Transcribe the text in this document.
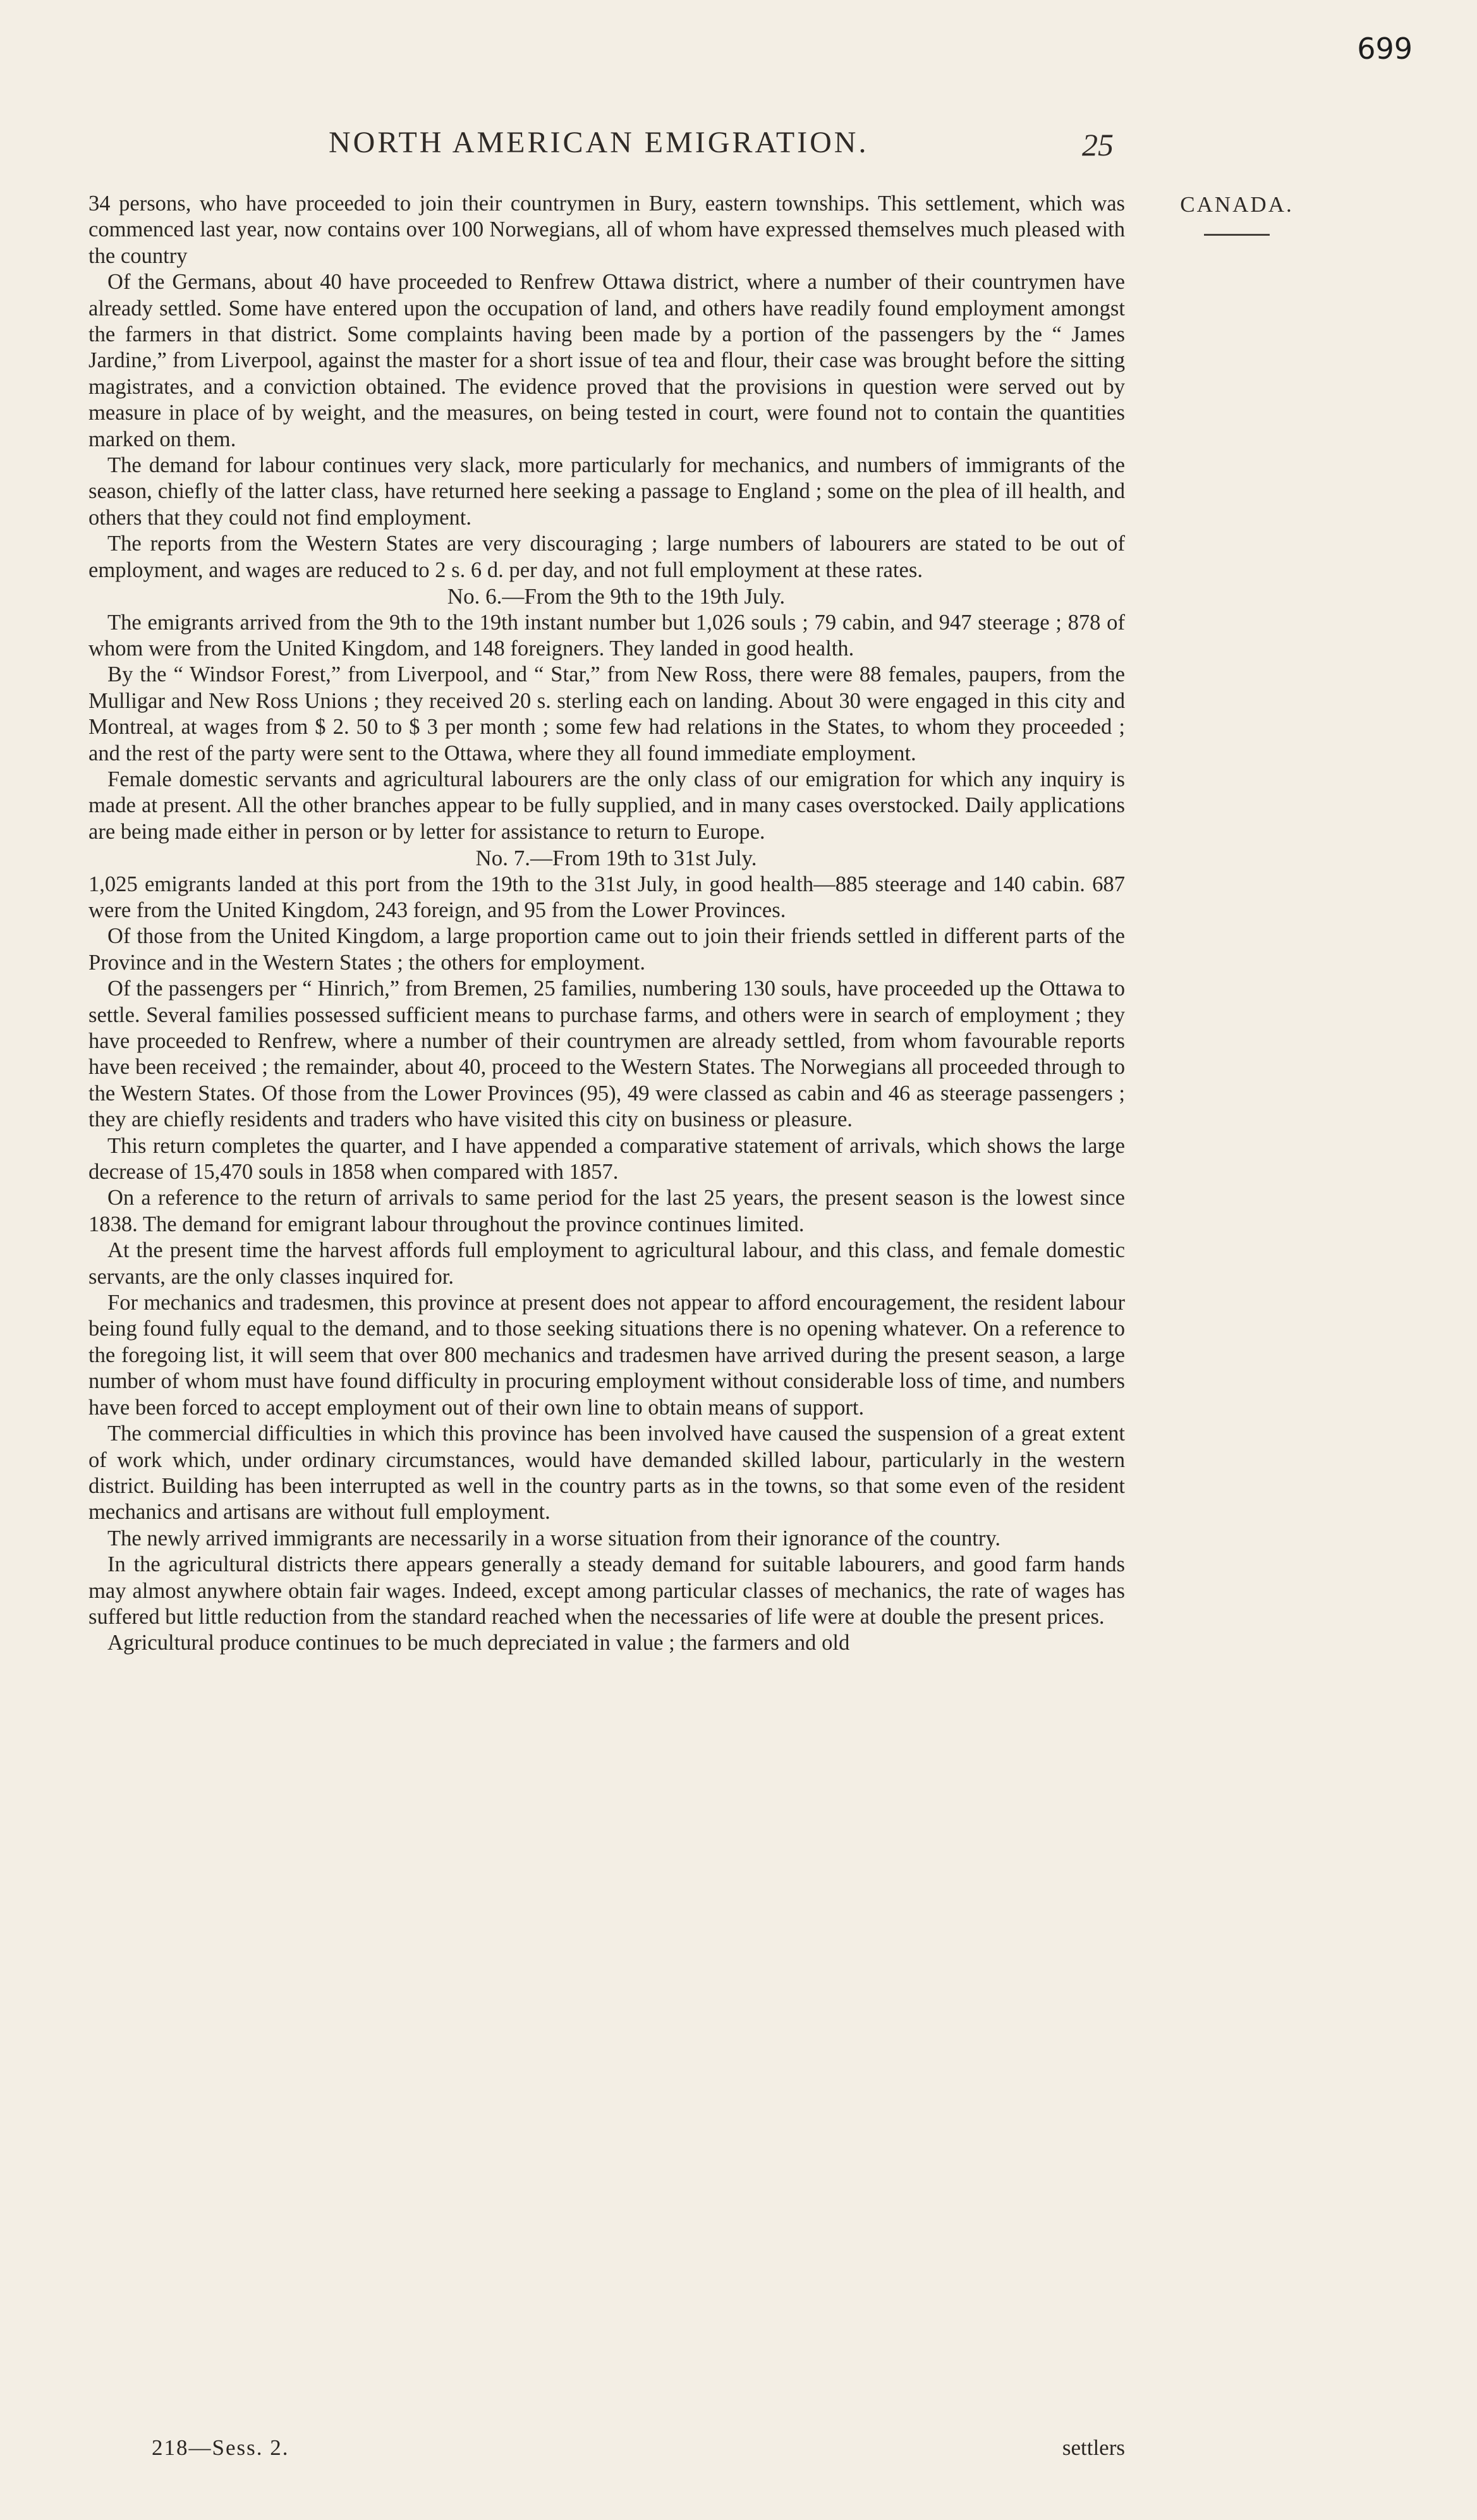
699
NORTH AMERICAN EMIGRATION.	25
CANADA.

34 persons, who have proceeded to join their countrymen in Bury, eastern townships. This settlement, which was commenced last year, now contains over 100 Norwegians, all of whom have expressed themselves much pleased with the country

Of the Germans, about 40 have proceeded to Renfrew Ottawa district, where a number of their countrymen have already settled. Some have entered upon the occupation of land, and others have readily found employment amongst the farmers in that district. Some complaints having been made by a portion of the passengers by the “ James Jardine,” from Liverpool, against the master for a short issue of tea and flour, their case was brought before the sitting magistrates, and a conviction obtained. The evidence proved that the provisions in question were served out by measure in place of by weight, and the measures, on being tested in court, were found not to contain the quantities marked on them.

The demand for labour continues very slack, more particularly for mechanics, and numbers of immigrants of the season, chiefly of the latter class, have returned here seeking a passage to England ; some on the plea of ill health, and others that they could not find employment.

The reports from the Western States are very discouraging ; large numbers of labourers are stated to be out of employment, and wages are reduced to 2 s. 6 d. per day, and not full employment at these rates.

No. 6.—From the 9th to the 19th July.

The emigrants arrived from the 9th to the 19th instant number but 1,026 souls ; 79 cabin, and 947 steerage ; 878 of whom were from the United Kingdom, and 148 foreigners. They landed in good health.

By the “ Windsor Forest,” from Liverpool, and “ Star,” from New Ross, there were 88 females, paupers, from the Mulligar and New Ross Unions ; they received 20 s. sterling each on landing. About 30 were engaged in this city and Montreal, at wages from $ 2. 50 to $ 3 per month ; some few had relations in the States, to whom they proceeded ; and the rest of the party were sent to the Ottawa, where they all found immediate employment.

Female domestic servants and agricultural labourers are the only class of our emigration for which any inquiry is made at present. All the other branches appear to be fully supplied, and in many cases overstocked. Daily applications are being made either in person or by letter for assistance to return to Europe.

No. 7.—From 19th to 31st July.

1,025 emigrants landed at this port from the 19th to the 31st July, in good health—885 steerage and 140 cabin. 687 were from the United Kingdom, 243 foreign, and 95 from the Lower Provinces.

Of those from the United Kingdom, a large proportion came out to join their friends settled in different parts of the Province and in the Western States ; the others for employment.

Of the passengers per “ Hinrich,” from Bremen, 25 families, numbering 130 souls, have proceeded up the Ottawa to settle. Several families possessed sufficient means to purchase farms, and others were in search of employment ; they have proceeded to Renfrew, where a number of their countrymen are already settled, from whom favourable reports have been received ; the remainder, about 40, proceed to the Western States. The Norwegians all proceeded through to the Western States. Of those from the Lower Provinces (95), 49 were classed as cabin and 46 as steerage passengers ; they are chiefly residents and traders who have visited this city on business or pleasure.

This return completes the quarter, and I have appended a comparative statement of arrivals, which shows the large decrease of 15,470 souls in 1858 when compared with 1857.

On a reference to the return of arrivals to same period for the last 25 years, the present season is the lowest since 1838. The demand for emigrant labour throughout the province continues limited.

At the present time the harvest affords full employment to agricultural labour, and this class, and female domestic servants, are the only classes inquired for.

For mechanics and tradesmen, this province at present does not appear to afford encouragement, the resident labour being found fully equal to the demand, and to those seeking situations there is no opening whatever. On a reference to the foregoing list, it will seem that over 800 mechanics and tradesmen have arrived during the present season, a large number of whom must have found difficulty in procuring employment without considerable loss of time, and numbers have been forced to accept employment out of their own line to obtain means of support.

The commercial difficulties in which this province has been involved have caused the suspension of a great extent of work which, under ordinary circumstances, would have demanded skilled labour, particularly in the western district. Building has been interrupted as well in the country parts as in the towns, so that some even of the resident mechanics and artisans are without full employment.

The newly arrived immigrants are necessarily in a worse situation from their ignorance of the country.

In the agricultural districts there appears generally a steady demand for suitable labourers, and good farm hands may almost anywhere obtain fair wages. Indeed, except among particular classes of mechanics, the rate of wages has suffered but little reduction from the standard reached when the necessaries of life were at double the present prices.

Agricultural produce continues to be much depreciated in value ; the farmers and old

218—Sess. 2.	settlers
